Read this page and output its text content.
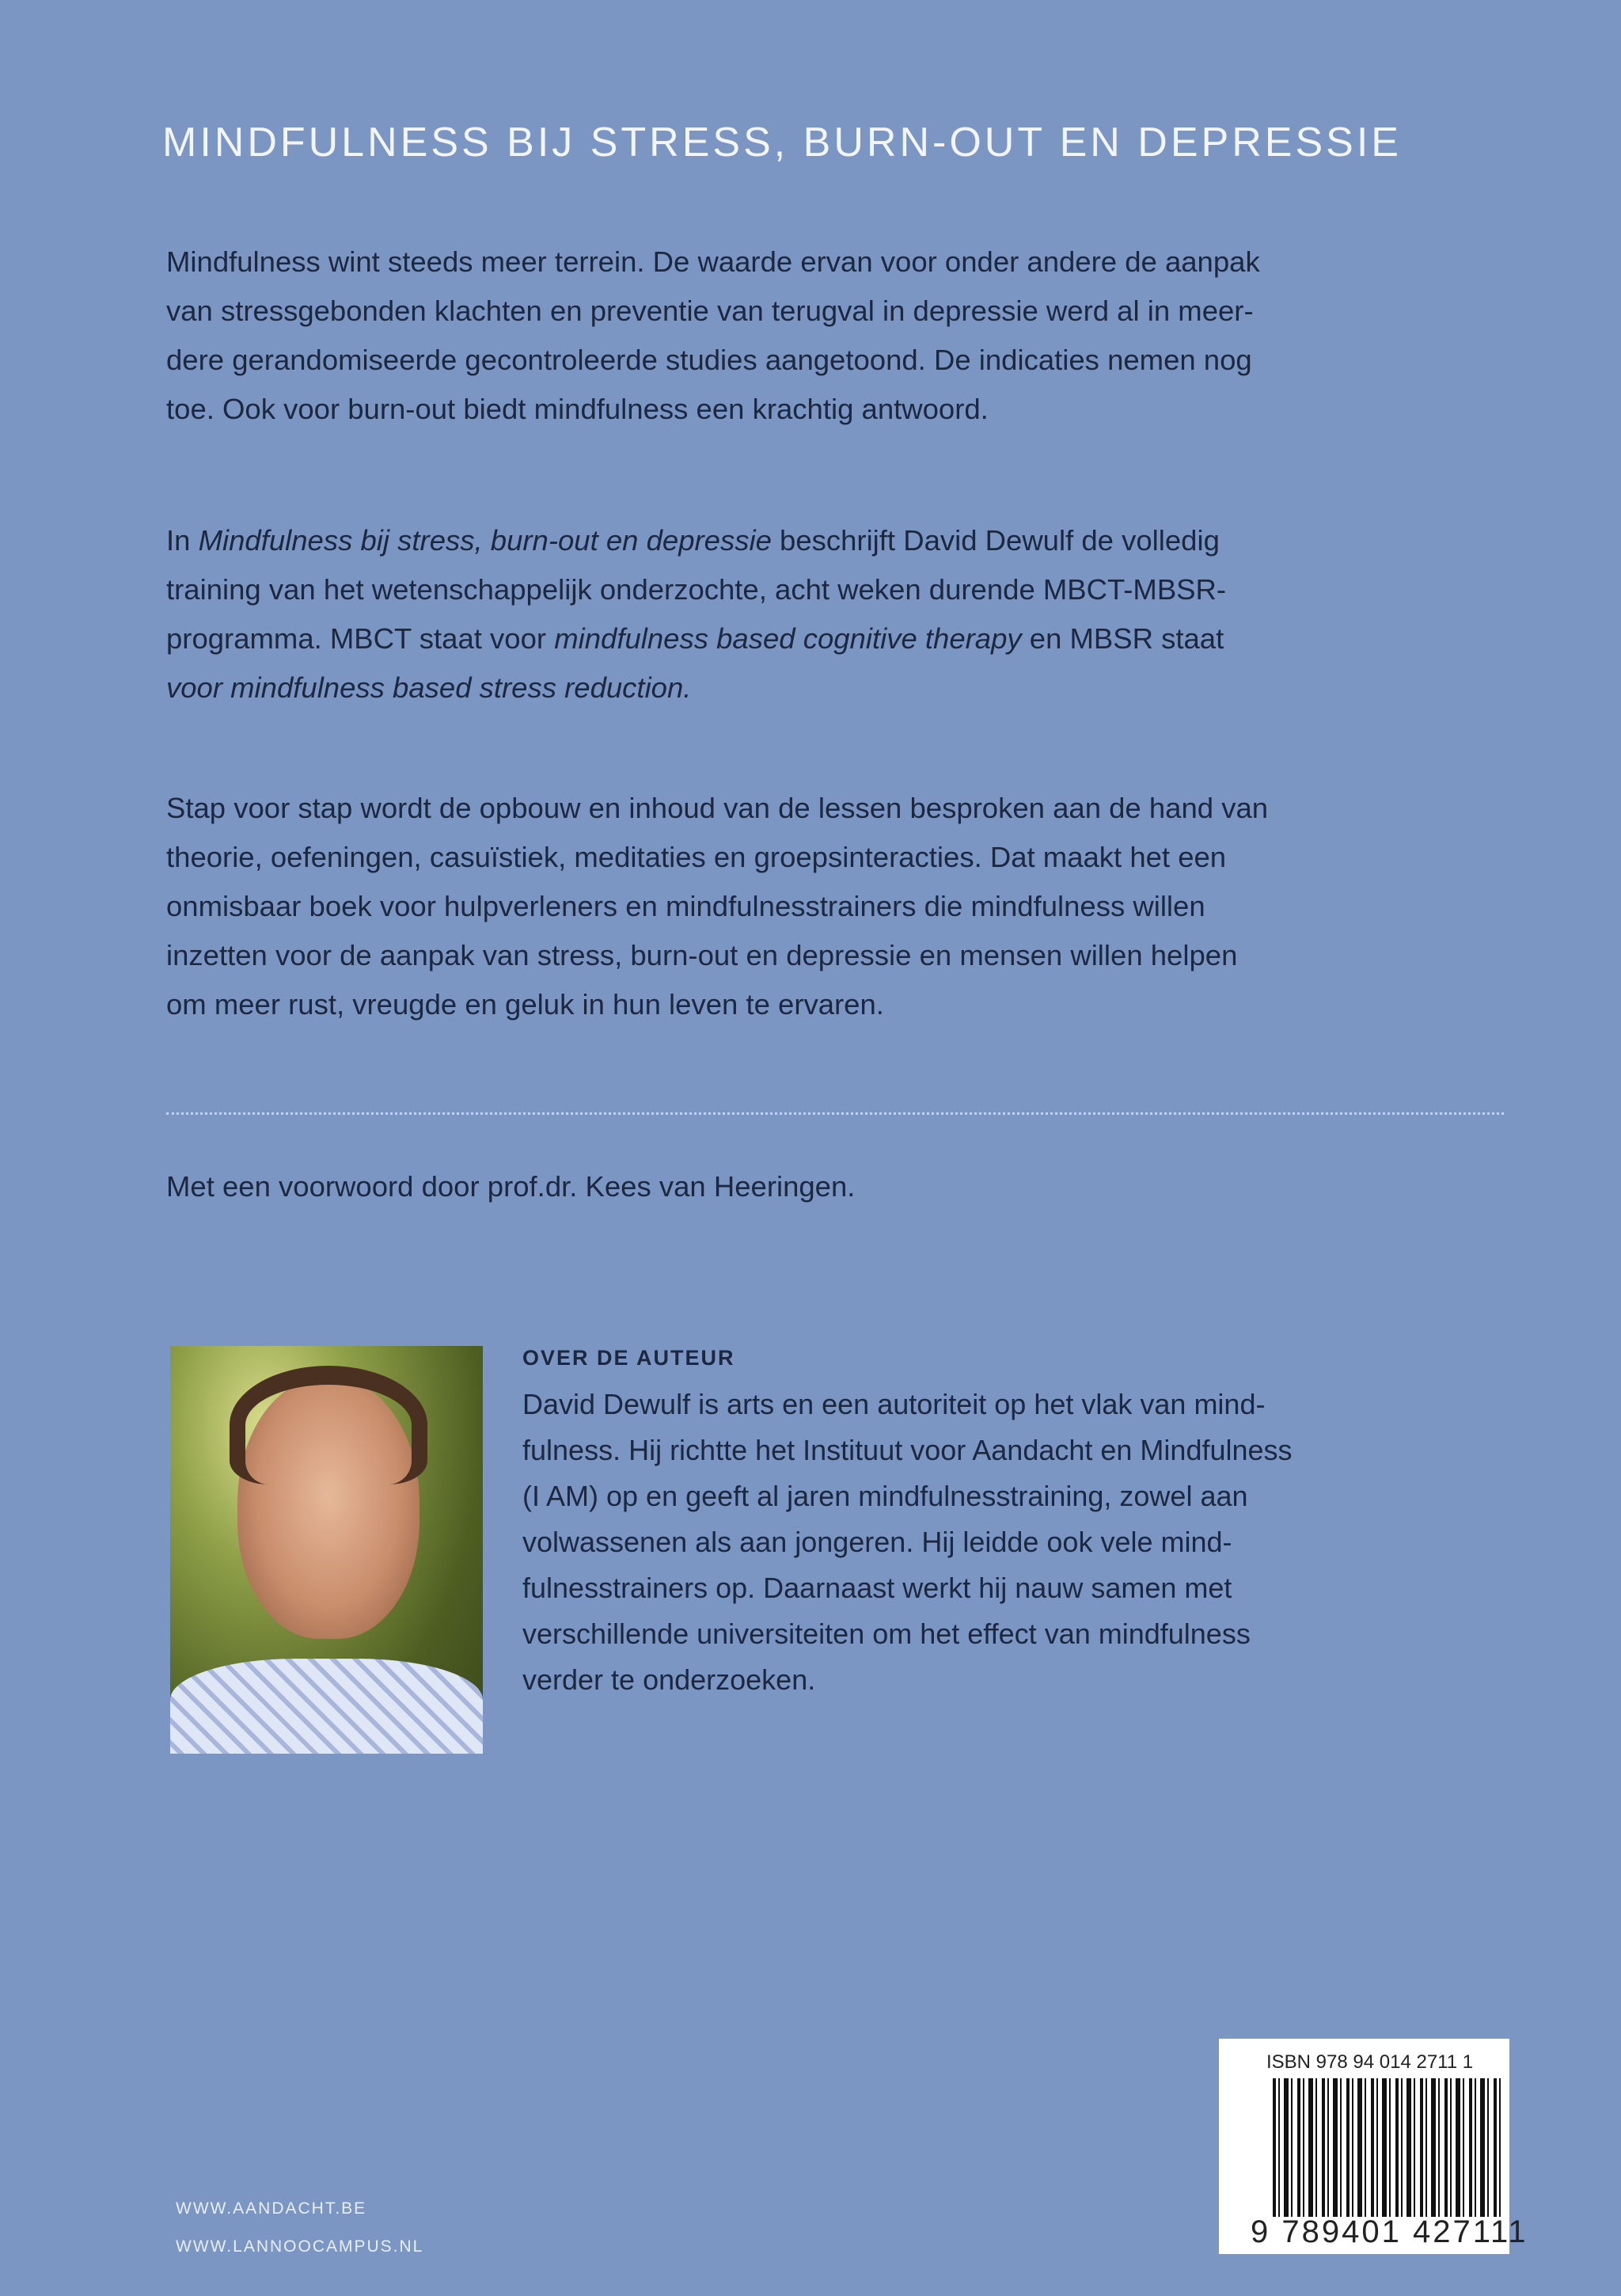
MINDFULNESS BIJ STRESS, BURN-OUT EN DEPRESSIE
Mindfulness wint steeds meer terrein. De waarde ervan voor onder andere de aanpak
van stressgebonden klachten en preventie van terugval in depressie werd al in meer-
dere gerandomiseerde gecontroleerde studies aangetoond. De indicaties nemen nog
toe. Ook voor burn-out biedt mindfulness een krachtig antwoord.
In Mindfulness bij stress, burn-out en depressie beschrijft David Dewulf de volledig
training van het wetenschappelijk onderzochte, acht weken durende MBCT-MBSR-
programma. MBCT staat voor mindfulness based cognitive therapy en MBSR staat
voor mindfulness based stress reduction.
Stap voor stap wordt de opbouw en inhoud van de lessen besproken aan de hand van
theorie, oefeningen, casuïstiek, meditaties en groepsinteracties. Dat maakt het een
onmisbaar boek voor hulpverleners en mindfulnesstrainers die mindfulness willen
inzetten voor de aanpak van stress, burn-out en depressie en mensen willen helpen
om meer rust, vreugde en geluk in hun leven te ervaren.
Met een voorwoord door prof.dr. Kees van Heeringen.
OVER DE AUTEUR
David Dewulf is arts en een autoriteit op het vlak van mind-
fulness. Hij richtte het Instituut voor Aandacht en Mindfulness
(I AM) op en geeft al jaren mindfulnesstraining, zowel aan
volwassenen als aan jongeren. Hij leidde ook vele mind-
fulnesstrainers op. Daarnaast werkt hij nauw samen met
verschillende universiteiten om het effect van mindfulness
verder te onderzoeken.
ISBN 978 94 014 2711 1
9 789401 427111
WWW.AANDACHT.BE
WWW.LANNOOCAMPUS.NL
